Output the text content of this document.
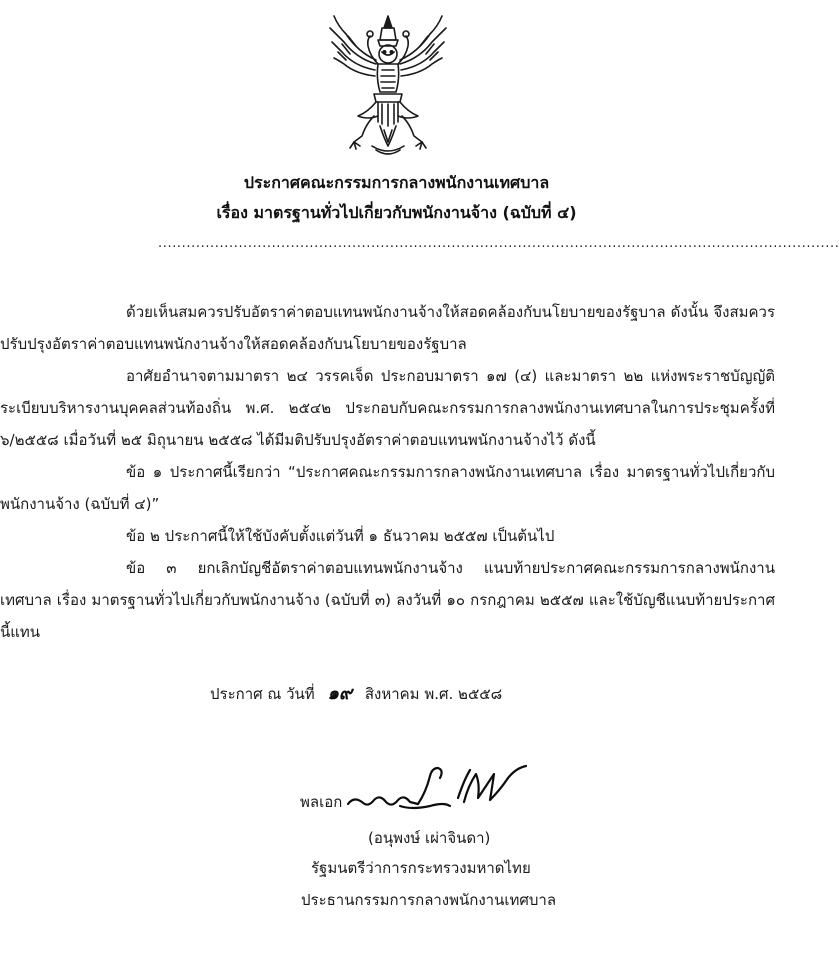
ประกาศคณะกรรมการกลางพนักงานเทศบาล
เรื่อง มาตรฐานทั่วไปเกี่ยวกับพนักงานจ้าง (ฉบับที่ ๔)
................................................................................................................................................

ด้วยเห็นสมควรปรับอัตราค่าตอบแทนพนักงานจ้างให้สอดคล้องกับนโยบายของรัฐบาล ดังนั้น จึงสมควรปรับปรุงอัตราค่าตอบแทนพนักงานจ้างให้สอดคล้องกับนโยบายของรัฐบาล

อาศัยอำนาจตามมาตรา ๒๔ วรรคเจ็ด ประกอบมาตรา ๑๗ (๔) และมาตรา ๒๒ แห่งพระราชบัญญัติระเบียบบริหารงานบุคคลส่วนท้องถิ่น พ.ศ. ๒๕๔๒ ประกอบกับคณะกรรมการกลางพนักงานเทศบาลในการประชุมครั้งที่ ๖/๒๕๕๘ เมื่อวันที่ ๒๕ มิถุนายน ๒๕๕๘ ได้มีมติปรับปรุงอัตราค่าตอบแทนพนักงานจ้างไว้ ดังนี้

ข้อ ๑ ประกาศนี้เรียกว่า “ประกาศคณะกรรมการกลางพนักงานเทศบาล เรื่อง มาตรฐานทั่วไปเกี่ยวกับพนักงานจ้าง (ฉบับที่ ๔)”

ข้อ ๒ ประกาศนี้ให้ใช้บังคับตั้งแต่วันที่ ๑ ธันวาคม ๒๕๕๗ เป็นต้นไป

ข้อ ๓ ยกเลิกบัญชีอัตราค่าตอบแทนพนักงานจ้าง แนบท้ายประกาศคณะกรรมการกลางพนักงานเทศบาล เรื่อง มาตรฐานทั่วไปเกี่ยวกับพนักงานจ้าง (ฉบับที่ ๓) ลงวันที่ ๑๐ กรกฎาคม ๒๕๕๗ และใช้บัญชีแนบท้ายประกาศนี้แทน

ประกาศ ณ วันที่ ๑๙ สิงหาคม พ.ศ. ๒๕๕๘
พลเอก
(อนุพงษ์ เผ่าจินดา)
รัฐมนตรีว่าการกระทรวงมหาดไทย
ประธานกรรมการกลางพนักงานเทศบาล
